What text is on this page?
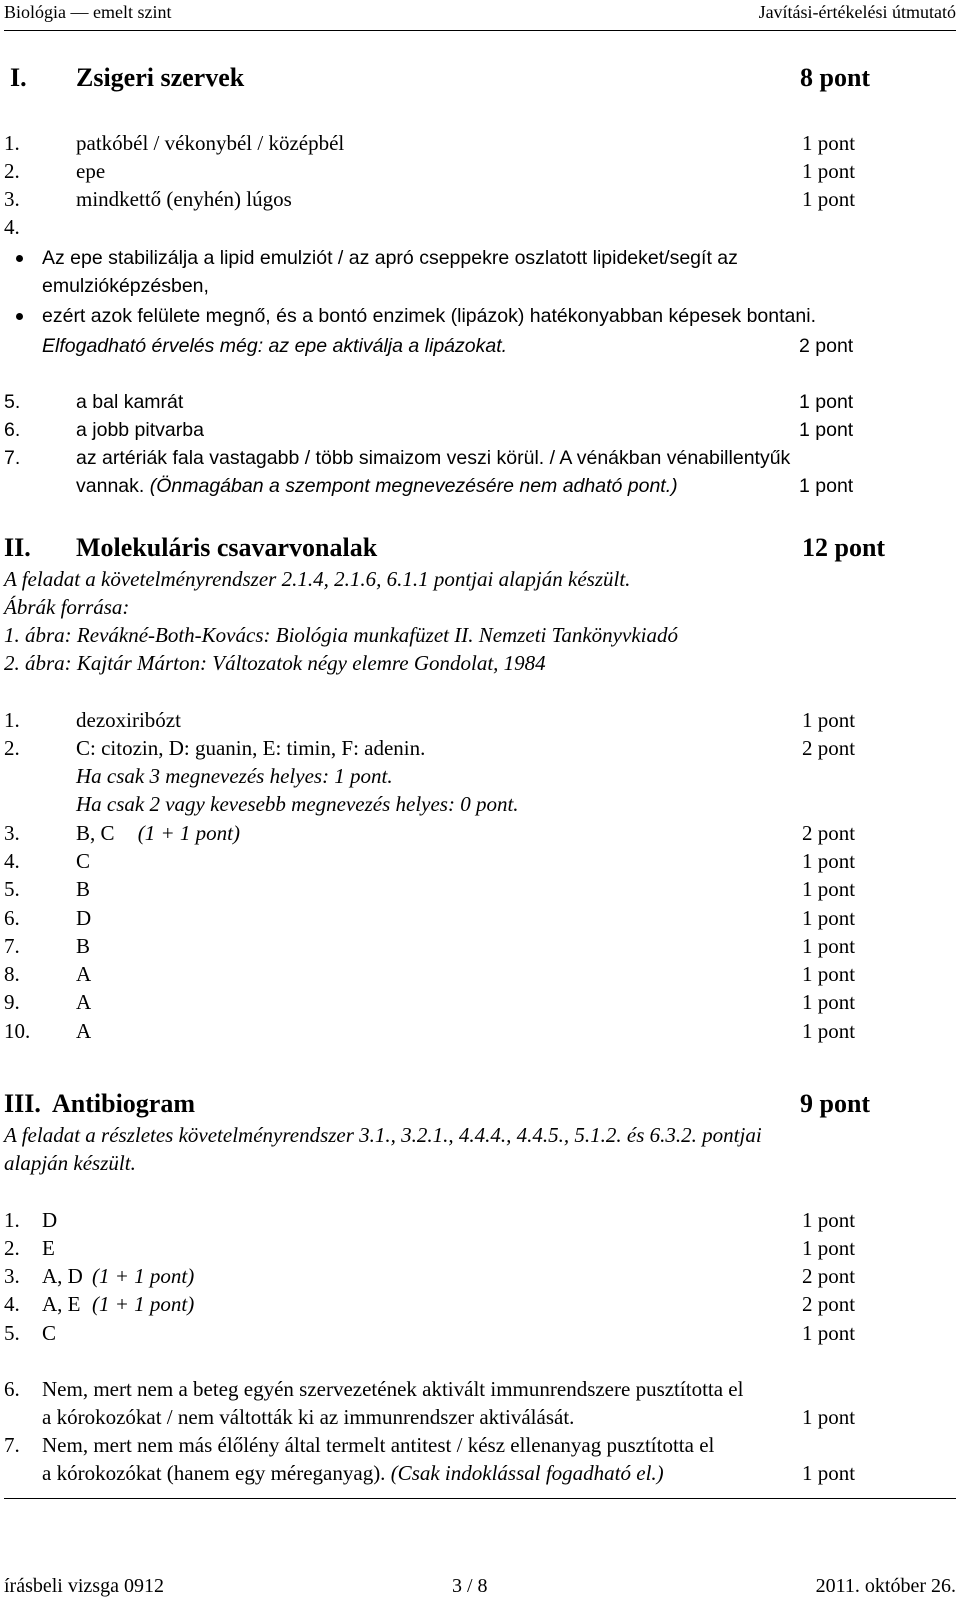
Biológia — emelt szint	Javítási-értékelési útmutató
I. Zsigeri szervek	8 pont
1.	patkóbél / vékonybél / középbél	1 pont
2.	epe	1 pont
3.	mindkettő (enyhén) lúgos	1 pont
4.
Az epe stabilizálja a lipid emulziót / az apró cseppekre oszlatott lipideket/segít az
emulzióképzésben,
ezért azok felülete megnő, és a bontó enzimek (lipázok) hatékonyabban képesek bontani.
Elfogadható érvelés még: az epe aktiválja a lipázokat.	2 pont
5.	a bal kamrát	1 pont
6.	a jobb pitvarba	1 pont
7.	az artériák fala vastagabb / több simaizom veszi körül. / A vénákban vénabillentyűk
vannak. (Önmagában a szempont megnevezésére nem adható pont.)	1 pont
II. Molekuláris csavarvonalak	12 pont
A feladat a követelményrendszer 2.1.4, 2.1.6, 6.1.1 pontjai alapján készült.
Ábrák forrása:
1. ábra: Revákné-Both-Kovács: Biológia munkafüzet II. Nemzeti Tankönyvkiadó
2. ábra: Kajtár Márton: Változatok négy elemre Gondolat, 1984
1.	dezoxiribózt	1 pont
2.	C: citozin, D: guanin, E: timin, F: adenin.	2 pont
Ha csak 3 megnevezés helyes: 1 pont.
Ha csak 2 vagy kevesebb megnevezés helyes: 0 pont.
3.	B, C (1 + 1 pont)	2 pont
4.	C	1 pont
5.	B	1 pont
6.	D	1 pont
7.	B	1 pont
8.	A	1 pont
9.	A	1 pont
10. A	1 pont
III. Antibiogram	9 pont
A feladat a részletes követelményrendszer 3.1., 3.2.1., 4.4.4., 4.4.5., 5.1.2. és 6.3.2. pontjai
alapján készült.
1. D	1 pont
2. E	1 pont
3. A, D (1 + 1 pont)	2 pont
4. A, E (1 + 1 pont)	2 pont
5. C	1 pont
6. Nem, mert nem a beteg egyén szervezetének aktivált immunrendszere pusztította el
a kórokozókat / nem váltották ki az immunrendszer aktiválását.	1 pont
7. Nem, mert nem más élőlény által termelt antitest / kész ellenanyag pusztította el
a kórokozókat (hanem egy méreganyag). (Csak indoklással fogadható el.)	1 pont
írásbeli vizsga 0912	3 / 8	2011. október 26.
